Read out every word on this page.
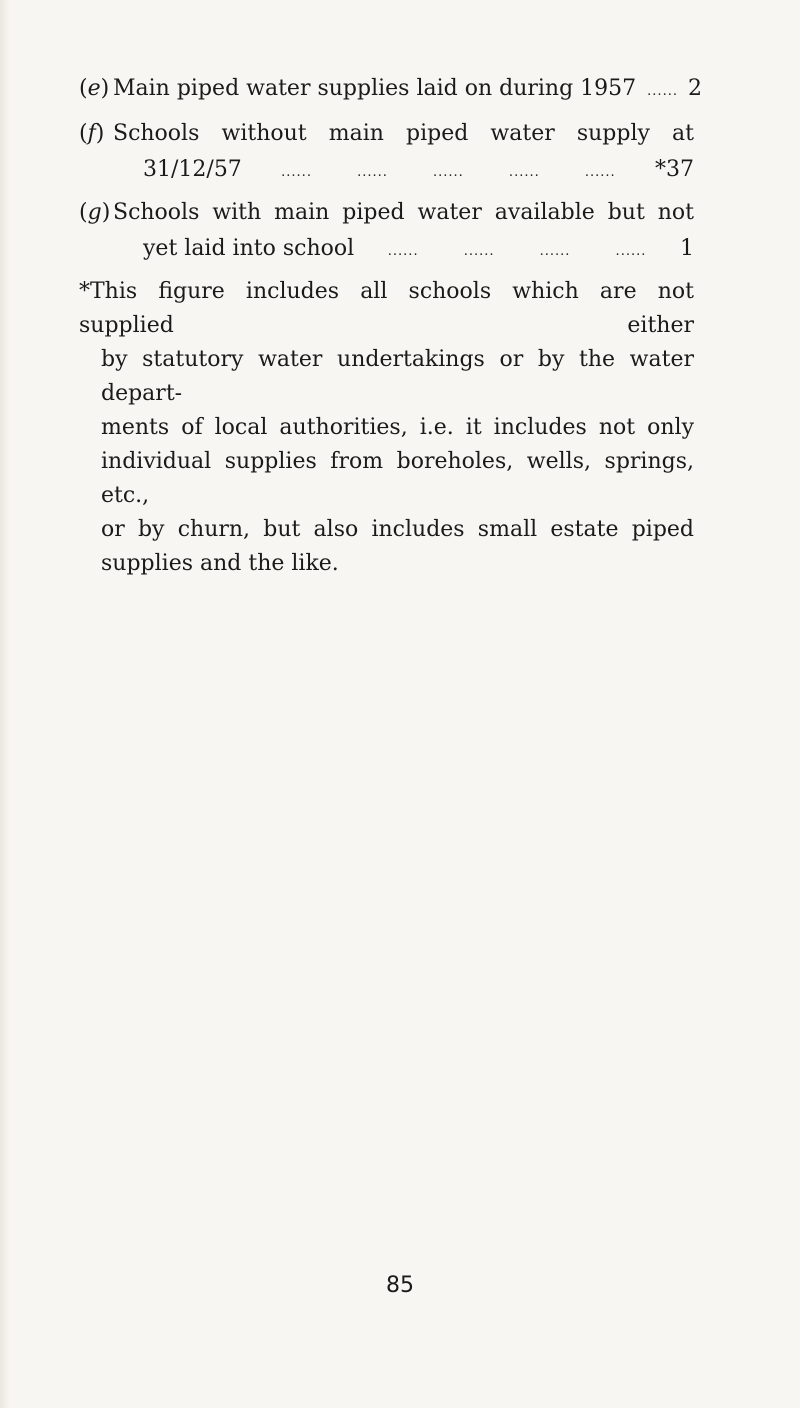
(e) Main piped water supplies laid on during 1957 ...... 2
(f) Schools without main piped water supply at
31/12/57	...... ...... ...... ...... ......	*37
(g) Schools with main piped water available but not
yet laid into school	...... ...... ...... ......	1
*This figure includes all schools which are not supplied either
by statutory water undertakings or by the water depart-
ments of local authorities, i.e. it includes not only
individual supplies from boreholes, wells, springs, etc.,
or by churn, but also includes small estate piped
supplies and the like.
85
